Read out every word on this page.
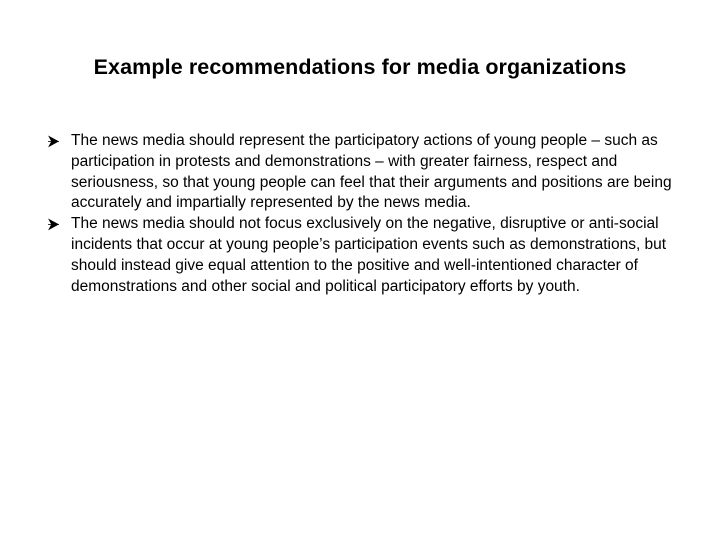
Example recommendations for media organizations
The news media should represent the participatory actions of young people – such as participation in protests and demonstrations – with greater fairness, respect and seriousness, so that young people can feel that their arguments and positions are being accurately and impartially represented by the news media.
The news media should not focus exclusively on the negative, disruptive or anti-social incidents that occur at young people’s participation events such as demonstrations, but should instead give equal attention to the positive and well-intentioned character of demonstrations and other social and political participatory efforts by youth.
